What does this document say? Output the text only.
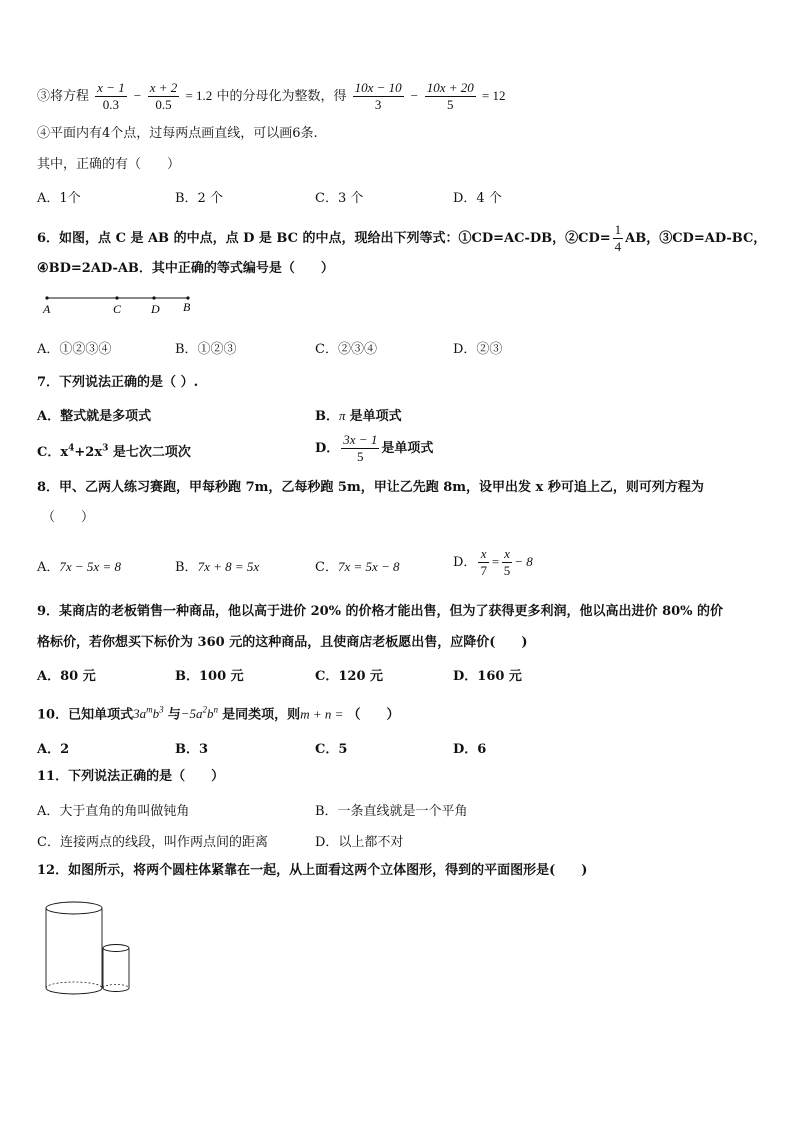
③将方程 $\frac{x - 1}{0.3} - \frac{x + 2}{0.5} = 1.2$ 中的分母化为整数，得 $\frac{10x - 10}{3} - \frac{10x + 20}{5} = 12$
④平面内有4个点，过每两点画直线，可以画6条.
其中，正确的有（　　）
A．1个	B．2 个	C．3 个	D．4 个
6．如图，点 C 是 AB 的中点，点 D 是 BC 的中点，现给出下列等式：①CD=AC-DB，②CD= $\frac{1}{4}$ AB，③CD=AD-BC，
④BD=2AD-AB．其中正确的等式编号是（　　）
A	C D B
A．①②③④	B．①②③	C．②③④	D．②③
7．下列说法正确的是（ ）.
A．整式就是多项式	B．π 是单项式
C．$x^4+2x^3$ 是七次二项次	D． $\frac{3x - 1}{5}$ 是单项式
8．甲、乙两人练习赛跑，甲每秒跑 7m，乙每秒跑 5m，甲让乙先跑 8m，设甲出发 x 秒可追上乙，则可列方程为
（　　）
A．7x − 5x = 8	B．7x + 8 = 5x	C．7x = 5x − 8	D． $\frac{x}{7} = \frac{x}{5} - 8$
9．某商店的老板销售一种商品，他以高于进价 20% 的价格才能出售，但为了获得更多利润，他以高出进价 80% 的价
格标价，若你想买下标价为 360 元的这种商品，且使商店老板愿出售，应降价(　　)
A．80 元	B．100 元	C．120 元	D．160 元
10．已知单项式$3a^mb^3$ 与$-5a^2b^n$ 是同类项，则m + n = （　　）
A．2	B．3	C．5	D．6
11．下列说法正确的是（　　）
A．大于直角的角叫做钝角	B．一条直线就是一个平角
C．连接两点的线段，叫作两点间的距离	D．以上都不对
12．如图所示，将两个圆柱体紧靠在一起，从上面看这两个立体图形，得到的平面图形是(　　)
